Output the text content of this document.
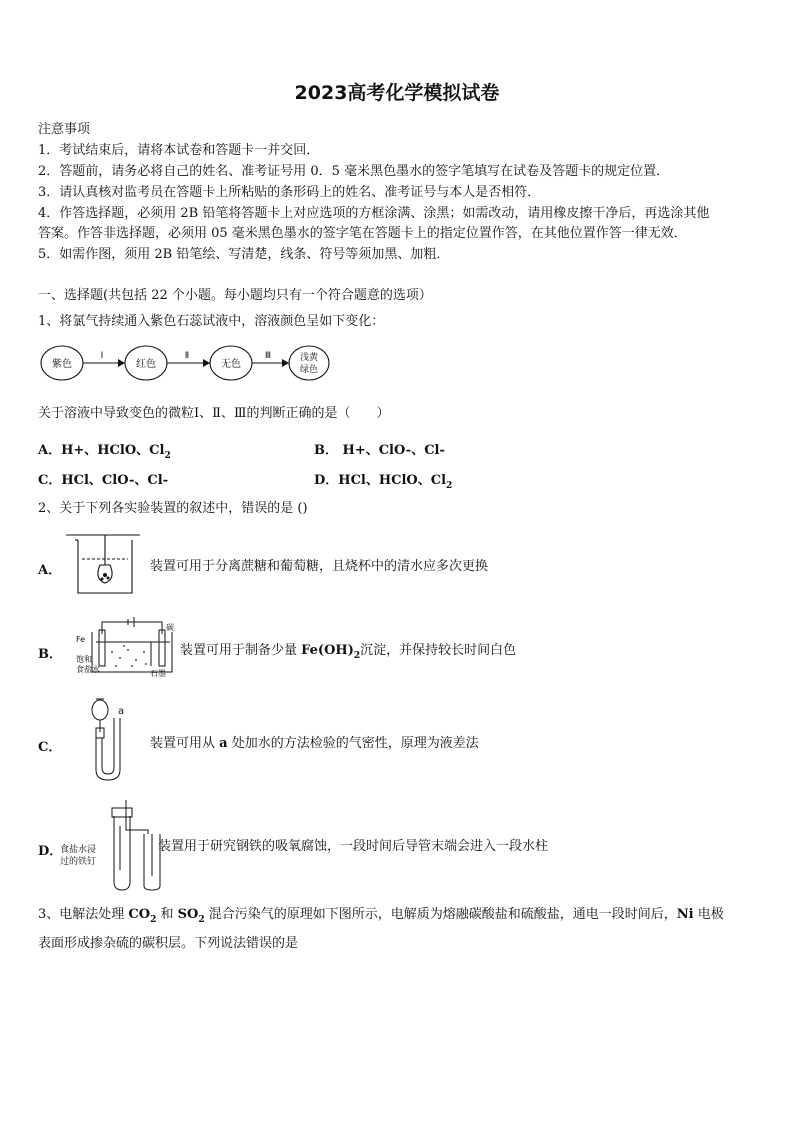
2023高考化学模拟试卷
注意事项
1．考试结束后，请将本试卷和答题卡一并交回．
2．答题前，请务必将自己的姓名、准考证号用 0．5 毫米黑色墨水的签字笔填写在试卷及答题卡的规定位置．
3．请认真核对监考员在答题卡上所粘贴的条形码上的姓名、准考证号与本人是否相符．
4．作答选择题，必须用 2B 铅笔将答题卡上对应选项的方框涂满、涂黑；如需改动，请用橡皮擦干净后，再选涂其他
答案。作答非选择题，必须用 05 毫米黑色墨水的签字笔在答题卡上的指定位置作答，在其他位置作答一律无效．
5．如需作图，须用 2B 铅笔绘、写清楚，线条、符号等须加黑、加粗．
一、选择题(共包括 22 个小题。每小题均只有一个符合题意的选项）
1、将氯气持续通入紫色石蕊试液中，溶液颜色呈如下变化：
紫色	红色	无色
浅黄
绿色
Ⅰ	Ⅱ	Ⅲ
关于溶液中导致变色的微粒Ⅰ、Ⅱ、Ⅲ的判断正确的是（　　）
A．H+、HClO、$Cl_2$	B． H+、ClO-、Cl-
C．HCl、ClO-、Cl-	D．HCl、HClO、$Cl_2$
2、关于下列各实验装置的叙述中，错误的是 ()
A．	装置可用于分离蔗糖和葡萄糖，且烧杯中的清水应多次更换
B．
Fe
碳
饱和
食盐水	石墨
装置可用于制备少量 $Fe(OH)_2$沉淀，并保持较长时间白色
C．
a
装置可用从 a 处加水的方法检验的气密性，原理为液差法
D．
食盐水浸
过的铁钉
装置用于研究钢铁的吸氧腐蚀，一段时间后导管末端会进入一段水柱
3、电解法处理 $CO_2$ 和 $SO_2$ 混合污染气的原理如下图所示，电解质为熔融碳酸盐和硫酸盐，通电一段时间后，Ni 电极
表面形成掺杂硫的碳积层。下列说法错误的是
